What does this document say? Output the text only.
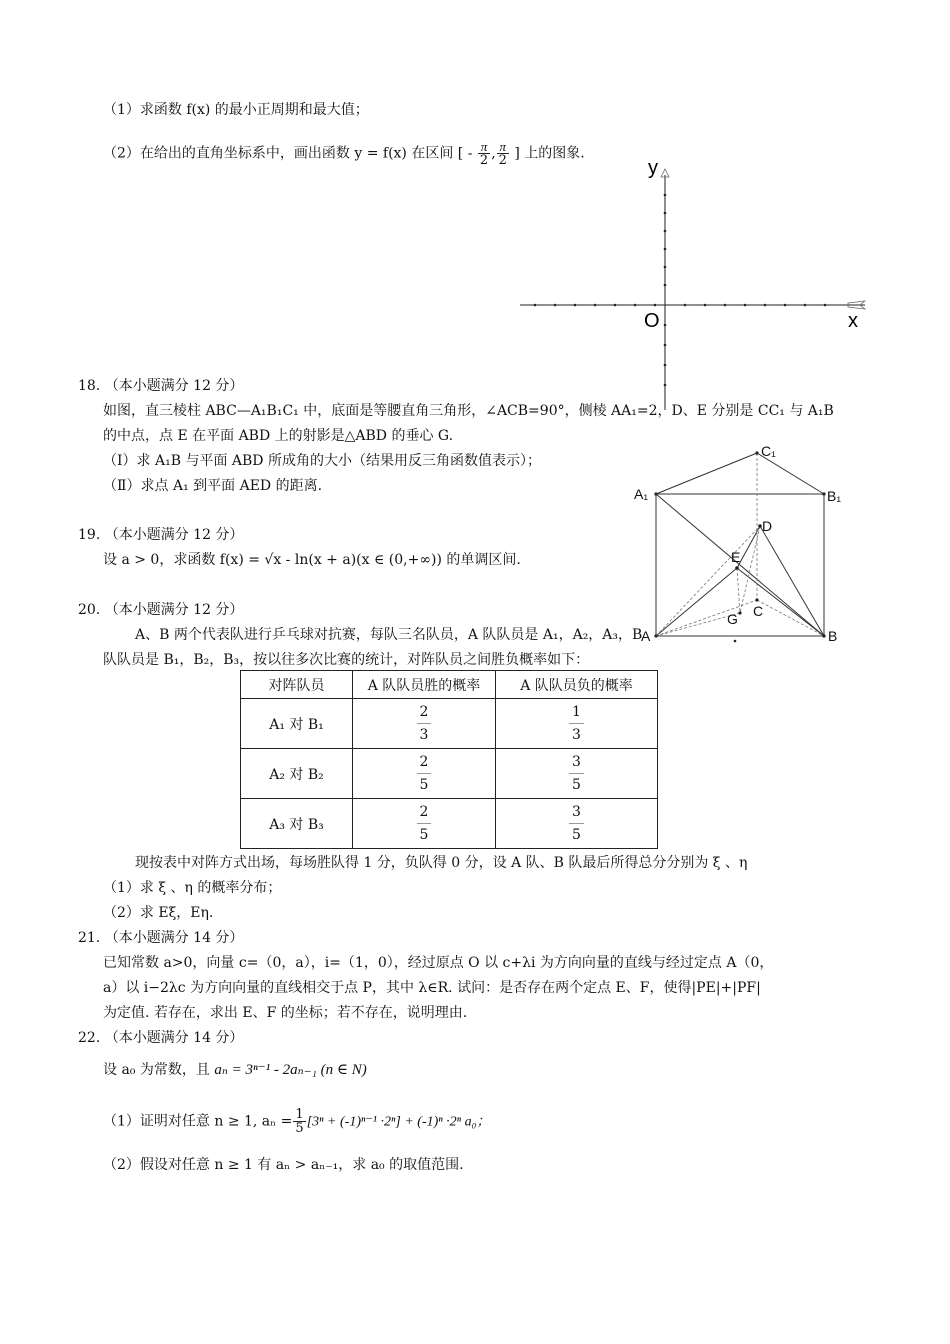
（1）求函数 f(x) 的最小正周期和最大值；
（2）在给出的直角坐标系中，画出函数 y = f(x) 在区间 [ - $\frac{\pi}{2}$ , $\frac{\pi}{2}$ ] 上的图象.
y
x
O
18. （本小题满分 12 分）
如图，直三棱柱 ABC—A₁B₁C₁ 中，底面是等腰直角三角形，∠ACB=90°，侧棱 AA₁=2，D、E 分别是 CC₁ 与 A₁B
的中点，点 E 在平面 ABD 上的射影是△ABD 的垂心 G.
（Ⅰ）求 A₁B 与平面 ABD 所成角的大小（结果用反三角函数值表示）；
（Ⅱ）求点 A₁ 到平面 AED 的距离.
C₁
A₁	B₁
D
E
C
G
A	B
19. （本小题满分 12 分）
设 a > 0，求函数 f(x) = √x - ln(x + a)(x ∈ (0,+∞)) 的单调区间.
20. （本小题满分 12 分）
A、B 两个代表队进行乒乓球对抗赛，每队三名队员，A 队队员是 A₁，A₂，A₃，B
队队员是 B₁，B₂，B₃，按以往多次比赛的统计，对阵队员之间胜负概率如下：
对阵队员	A 队队员胜的概率	A 队队员负的概率
A₁ 对 B₁	$\frac{2}{3}$	$\frac{1}{3}$

A₂ 对 B₂	$\frac{2}{5}$	$\frac{3}{5}$

A₃ 对 B₃	$\frac{2}{5}$	$\frac{3}{5}$
现按表中对阵方式出场，每场胜队得 1 分，负队得 0 分，设 A 队、B 队最后所得总分分别为 ξ 、η
（1）求 ξ 、η 的概率分布；
（2）求 Eξ，Eη.
21. （本小题满分 14 分）
已知常数 a>0，向量 c=（0，a），i=（1，0），经过原点 O 以 c+λi 为方向向量的直线与经过定点 A（0，
a）以 i−2λc 为方向向量的直线相交于点 P，其中 λ∈R. 试问：是否存在两个定点 E、F，使得|PE|+|PF|
为定值. 若存在，求出 E、F 的坐标；若不存在，说明理由.
22. （本小题满分 14 分）
设 a₀ 为常数，且 aₙ = 3ⁿ⁻¹ - 2aₙ₋₁ (n ∈ N)
（1）证明对任意 n ≥ 1, $a_n = \frac{1}{5} [3^n + (-1)^{n-1} \cdot 2^n] + (-1)^n \cdot 2^n$ a₀；
（2）假设对任意 n ≥ 1 有 aₙ > aₙ₋₁，求 a₀ 的取值范围.
